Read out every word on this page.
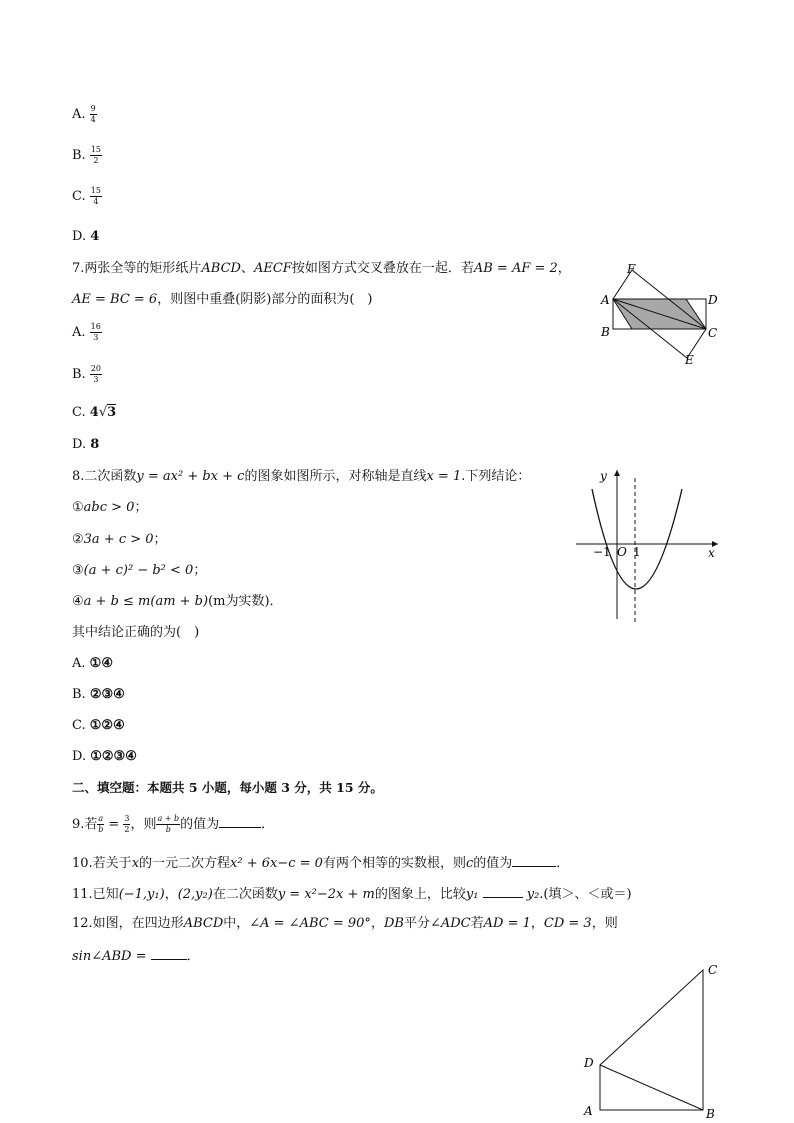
A. $\frac{9}{4}$
B. $\frac{15}{2}$
C. $\frac{15}{4}$
D. 4
7.两张全等的矩形纸片ABCD、AECF按如图方式交叉叠放在一起．若AB = AF = 2，
AE = BC = 6，则图中重叠(阴影)部分的面积为(　)
A. $\frac{16}{3}$
B. $\frac{20}{3}$
C. 4√3
D. 8
F
A	D
B	C
E
8.二次函数y = ax² + bx + c的图象如图所示，对称轴是直线x = 1.下列结论：
①abc > 0；
②3a + c > 0；
③(a + c)² − b² < 0；
④a + b ≤ m(am + b)(m为实数)．
其中结论正确的为(　)
A. ①④
B. ②③④
C. ①②④
D. ①②③④
y
x
−1 O 1
二、填空题：本题共 5 小题，每小题 3 分，共 15 分。
9.若 $\frac{a}{b} = \frac{3}{2}$ ，则 $\frac{a + b}{b}$ 的值为	．
10.若关于x的一元二次方程x² + 6x−c = 0有两个相等的实数根，则c的值为	．
11.已知(−1,y₁)，(2,y₂)在二次函数y = x²−2x + m的图象上，比较y₁	y₂.(填＞、＜或＝)
12.如图，在四边形ABCD中，∠A = ∠ABC = 90°，DB平分∠ADC若AD = 1，CD = 3，则
sin∠ABD =	．
C
D
A	B
